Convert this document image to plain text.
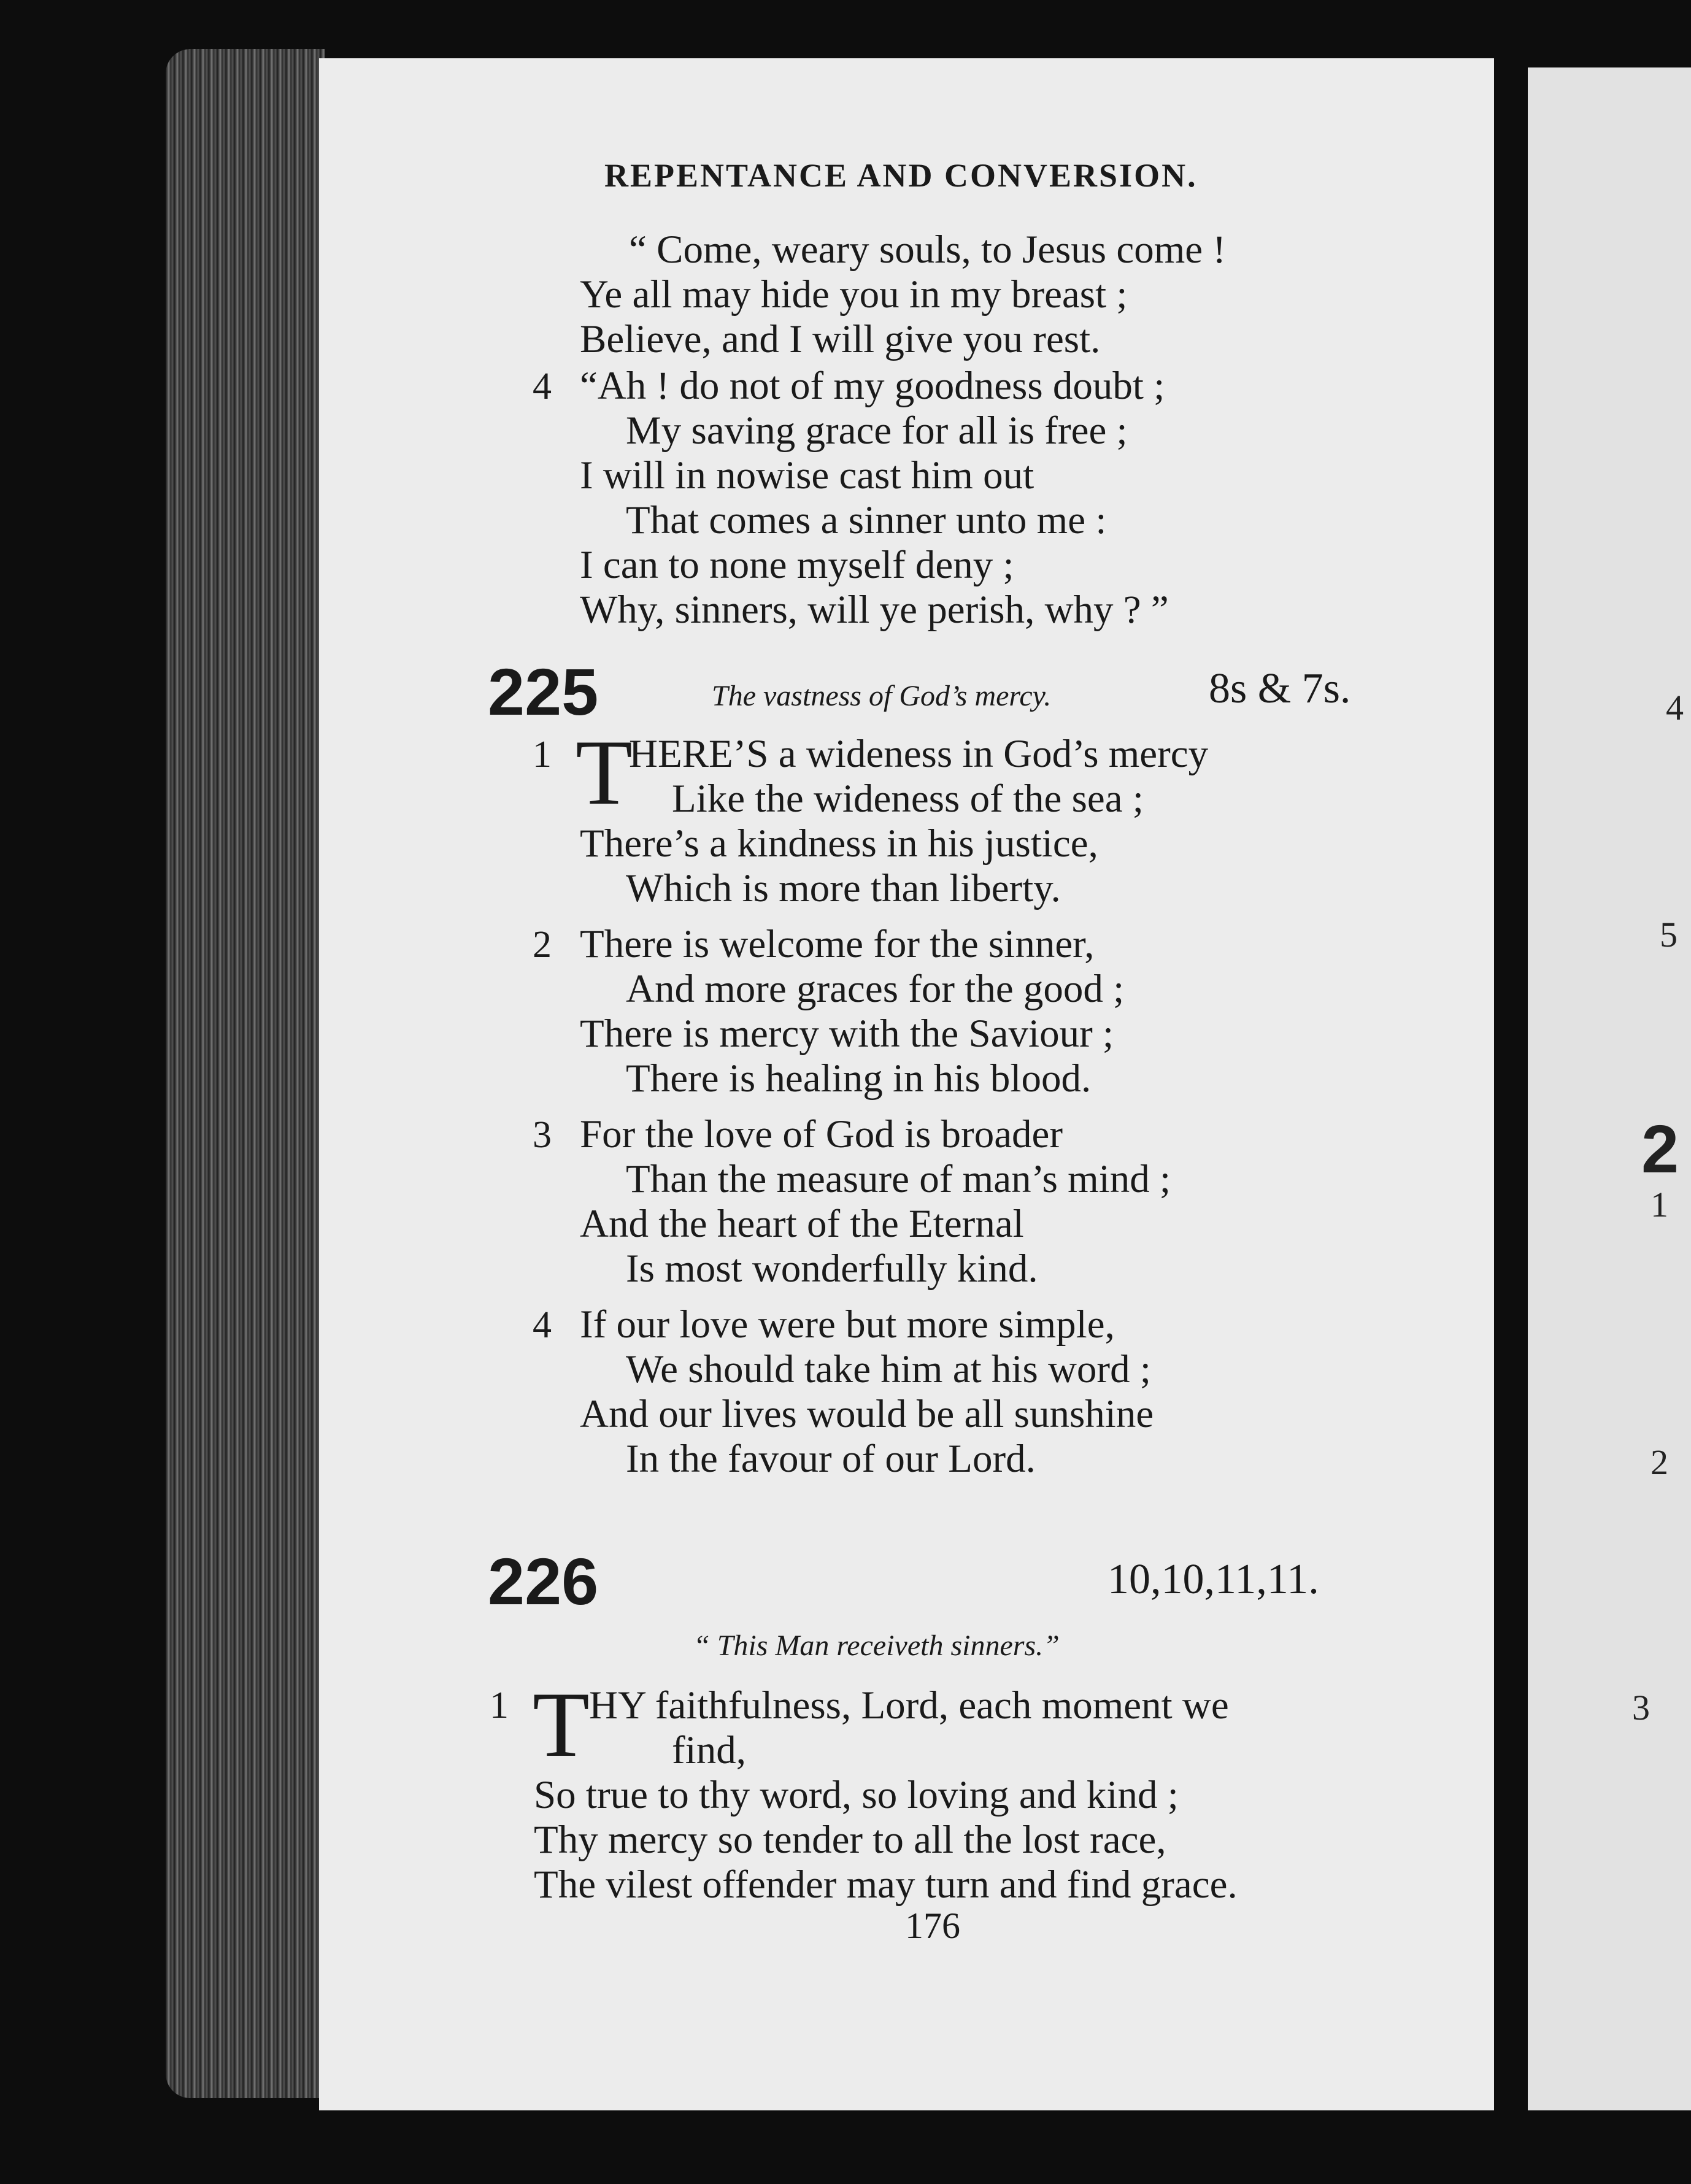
REPENTANCE AND CONVERSION.
“ Come, weary souls, to Jesus come !
Ye all may hide you in my breast ;
Believe, and I will give you rest.
4 “Ah ! do not of my goodness doubt ;
My saving grace for all is free ;
I will in nowise cast him out
That comes a sinner unto me :
I can to none myself deny ;
Why, sinners, will ye perish, why ? ”
225	The vastness of God’s mercy.	8s & 7s.
1 T
HERE’S a wideness in God’s mercy
Like the wideness of the sea ;
There’s a kindness in his justice,
Which is more than liberty.
2 There is welcome for the sinner,
And more graces for the good ;
There is mercy with the Saviour ;
There is healing in his blood.
3 For the love of God is broader
Than the measure of man’s mind ;
And the heart of the Eternal
Is most wonderfully kind.
4 If our love were but more simple,
We should take him at his word ;
And our lives would be all sunshine
In the favour of our Lord.
226	10,10,11,11.
“ This Man receiveth sinners.”
1 T HY faithfulness, Lord, each moment we
find,
So true to thy word, so loving and kind ;
Thy mercy so tender to all the lost race,
The vilest offender may turn and find grace.
176
4
5
2
1
2
3
